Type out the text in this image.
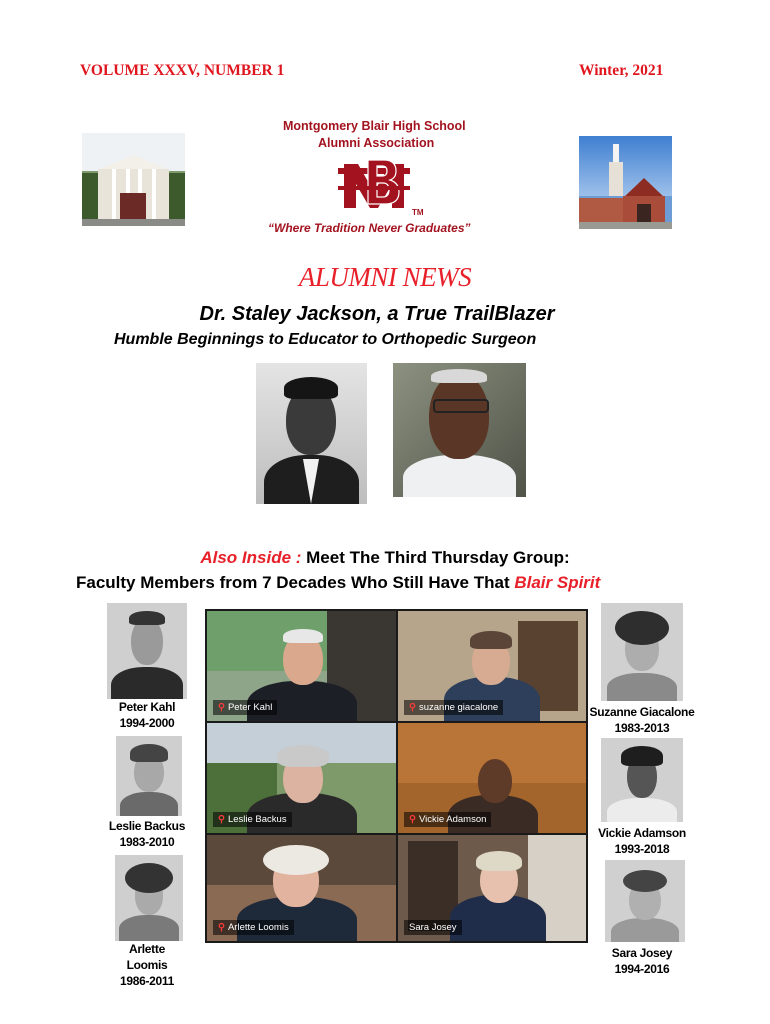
VOLUME XXXV, NUMBER 1	Winter, 2021
Montgomery Blair High School
Alumni Association
TM
“Where Tradition Never Graduates”
ALUMNI NEWS
Dr. Staley Jackson, a True TrailBlazer
Humble Beginnings to Educator to Orthopedic Surgeon
Also Inside : Meet The Third Thursday Group:
Faculty Members from 7 Decades Who Still Have That Blair Spirit
⚲ Peter Kahl	⚲ suzanne giacalone
⚲ Leslie Backus	⚲ Vickie Adamson
⚲ Arlette Loomis	Sara Josey
Peter Kahl
1994-2000
Leslie Backus
1983-2010
Arlette
Loomis
1986-2011
Suzanne Giacalone
1983-2013
Vickie Adamson
1993-2018
Sara Josey
1994-2016
